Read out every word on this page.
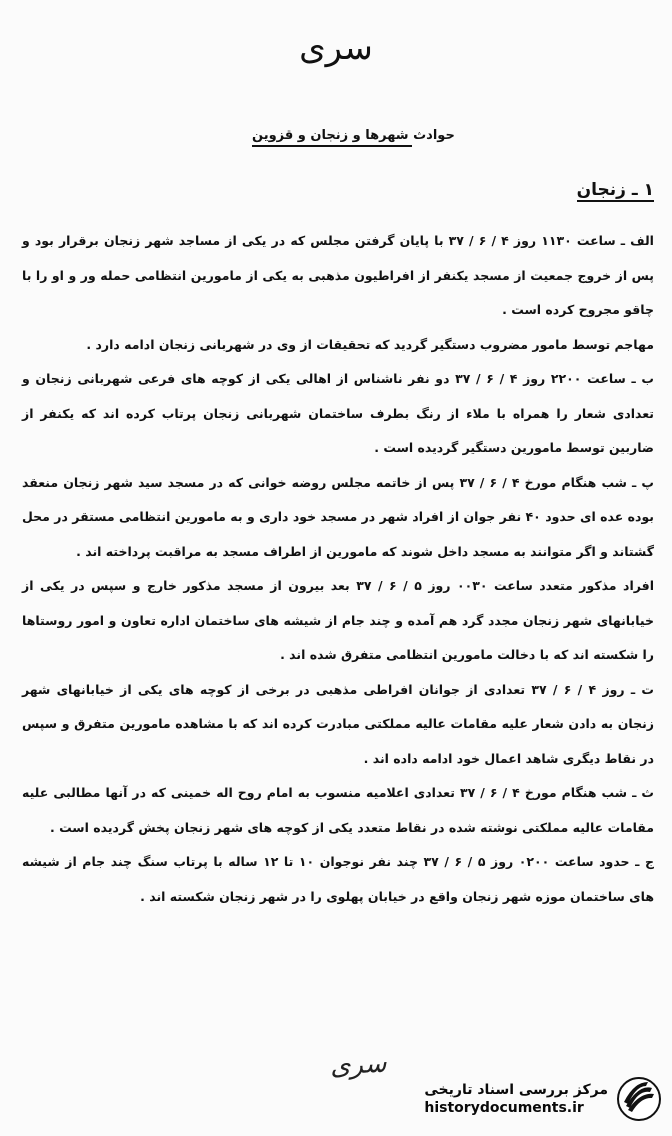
سری
حوادث شهرها و زنجان و قزوین
۱ ـ زنجان

الف ـ ساعت ۱۱۳۰ روز ۴ / ۶ / ۳۷ با پایان گرفتن مجلس که در یکی از مساجد شهر زنجان برقرار بود و پس از خروج جمعیت از مسجد یکنفر از افراطیون مذهبی به یکی از مامورین انتظامی حمله ور و او را با چاقو مجروح کرده است .

مهاجم توسط مامور مضروب دستگیر گردید که تحقیقات از وی در شهربانی زنجان ادامه دارد .

ب ـ ساعت ۲۲۰۰ روز ۴ / ۶ / ۳۷ دو نفر ناشناس از اهالی یکی از کوچه های فرعی شهربانی زنجان و تعدادی شعار را همراه با ملاء از رنگ بطرف ساختمان شهربانی زنجان پرتاب کرده اند که یکنفر از ضاربین توسط مامورین دستگیر گردیده است .

پ ـ شب هنگام مورخ ۴ / ۶ / ۳۷ پس از خاتمه مجلس روضه خوانی که در مسجد سید شهر زنجان منعقد بوده عده ای حدود ۴۰ نفر جوان از افراد شهر در مسجد خود داری و به مامورین انتظامی مستقر در محل گشتاند و اگر متوانند به مسجد داخل شوند که مامورین از اطراف مسجد به مراقبت پرداخته اند .

افراد مذکور متعدد ساعت ۰۰۳۰ روز ۵ / ۶ / ۳۷ بعد بیرون از مسجد مذکور خارج و سپس در یکی از خیابانهای شهر زنجان مجدد گرد هم آمده و چند جام از شیشه های ساختمان اداره تعاون و امور روستاها را شکسته اند که با دخالت مامورین انتظامی متفرق شده اند .

ت ـ روز ۴ / ۶ / ۳۷ تعدادی از جوانان افراطی مذهبی در برخی از کوچه های یکی از خیابانهای شهر زنجان به دادن شعار علیه مقامات عالیه مملکتی مبادرت کرده اند که با مشاهده مامورین متفرق و سپس در نقاط دیگری شاهد اعمال خود ادامه داده اند .

ث ـ شب هنگام مورخ ۴ / ۶ / ۳۷ تعدادی اعلامیه منسوب به امام روح اله خمینی که در آنها مطالبی علیه مقامات عالیه مملکتی نوشته شده در نقاط متعدد یکی از کوچه های شهر زنجان پخش گردیده است .

ج ـ حدود ساعت ۰۲۰۰ روز ۵ / ۶ / ۳۷ چند نفر نوجوان ۱۰ تا ۱۲ ساله با پرتاب سنگ چند جام از شیشه های ساختمان موزه شهر زنجان واقع در خیابان پهلوی را در شهر زنجان شکسته اند .

سری
مرکز بررسی اسناد تاریخی
historydocuments.ir
